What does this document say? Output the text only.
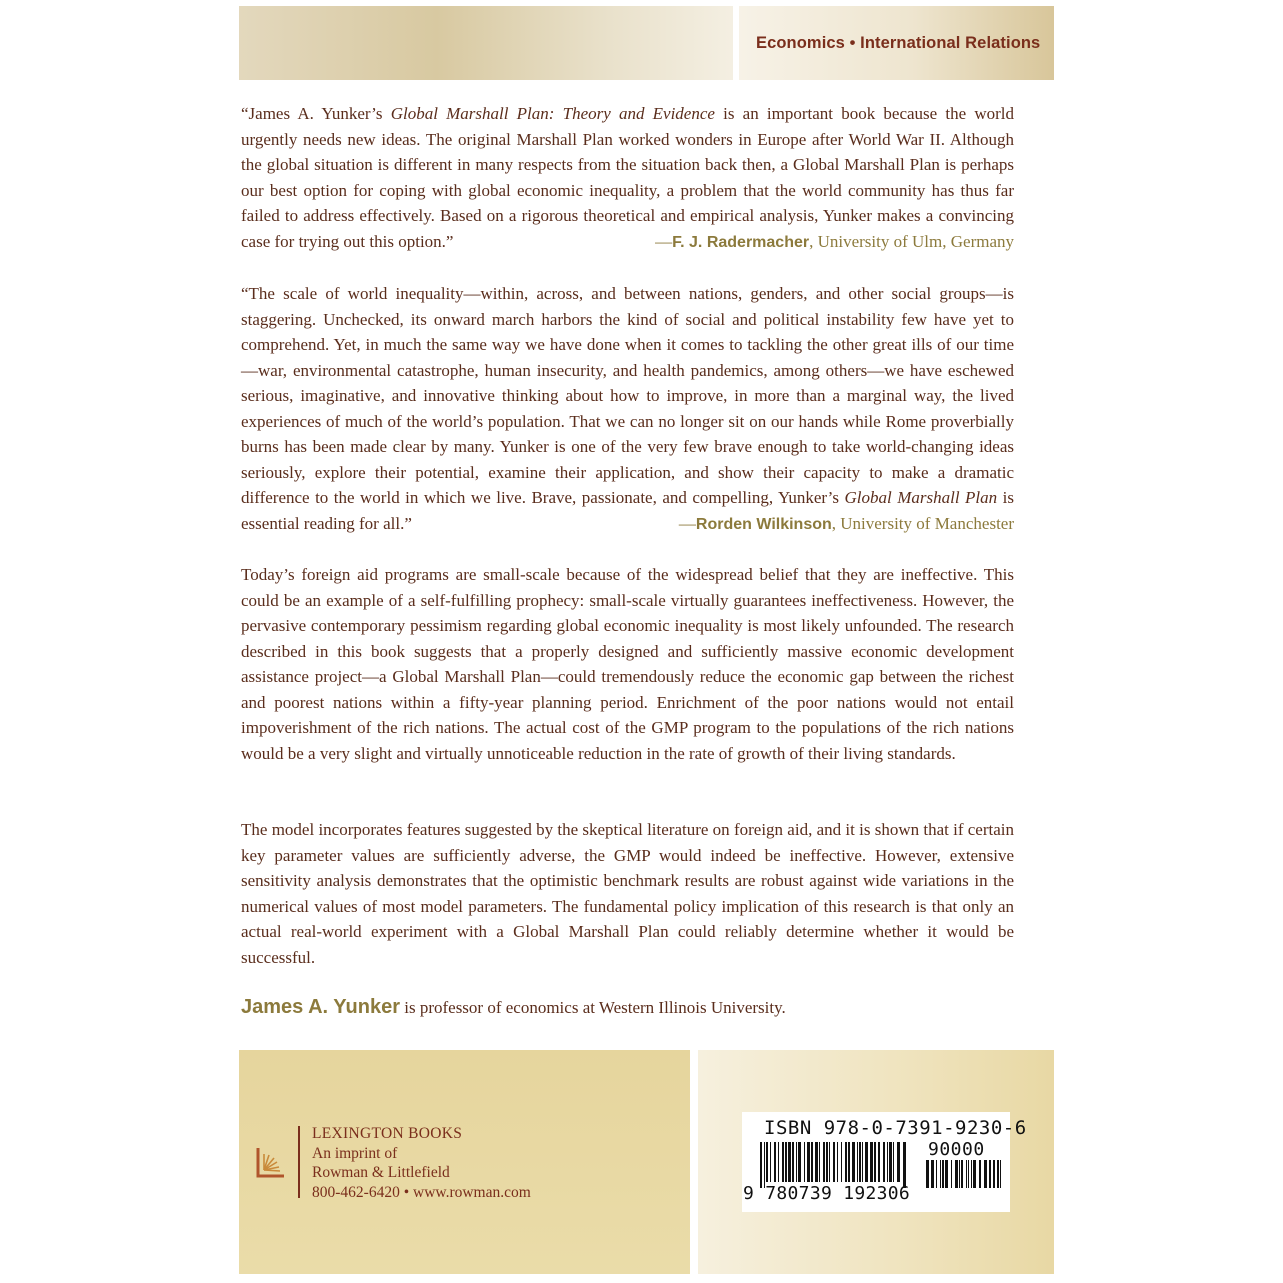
Economics • International Relations

“James A. Yunker’s Global Marshall Plan: Theory and Evidence is an important book because the world urgently needs new ideas. The original Marshall Plan worked wonders in Europe after World War II. Although the global situation is different in many respects from the situation back then, a Global Marshall Plan is perhaps our best option for coping with global economic inequality, a problem that the world community has thus far failed to address effectively. Based on a rigorous theoretical and empirical analysis, Yunker makes a convincing case for trying out this option.”	—F. J. Radermacher, University of Ulm, Germany

“The scale of world inequality—within, across, and between nations, genders, and other social groups—is staggering. Unchecked, its onward march harbors the kind of social and political instability few have yet to comprehend. Yet, in much the same way we have done when it comes to tackling the other great ills of our time—war, environmental catastrophe, human insecurity, and health pandemics, among others—we have eschewed serious, imaginative, and innovative thinking about how to improve, in more than a marginal way, the lived experiences of much of the world’s population. That we can no longer sit on our hands while Rome proverbially burns has been made clear by many. Yunker is one of the very few brave enough to take world-changing ideas seriously, explore their potential, examine their application, and show their capacity to make a dramatic difference to the world in which we live. Brave, passionate, and compelling, Yunker’s Global Marshall Plan is essential reading for all.”	—Rorden Wilkinson, University of Manchester

Today’s foreign aid programs are small-scale because of the widespread belief that they are ineffective. This could be an example of a self-fulfilling prophecy: small-scale virtually guarantees ineffectiveness. However, the pervasive contemporary pessimism regarding global economic inequality is most likely unfounded. The research described in this book suggests that a properly designed and sufficiently massive economic development assistance project—a Global Marshall Plan—could tremendously reduce the economic gap between the richest and poorest nations within a fifty-year planning period. Enrichment of the poor nations would not entail impoverishment of the rich nations. The actual cost of the GMP program to the populations of the rich nations would be a very slight and virtually unnoticeable reduction in the rate of growth of their living standards.

The model incorporates features suggested by the skeptical literature on foreign aid, and it is shown that if certain key parameter values are sufficiently adverse, the GMP would indeed be ineffective. However, extensive sensitivity analysis demonstrates that the optimistic benchmark results are robust against wide variations in the numerical values of most model parameters. The fundamental policy implication of this research is that only an actual real-world experiment with a Global Marshall Plan could reliably determine whether it would be successful.

James A. Yunker is professor of economics at Western Illinois University.
LEXINGTON BOOKS
An imprint of
Rowman & Littlefield
800-462-6420 • www.rowman.com
ISBN 978-0-7391-9230-6
90000
9 780739 192306
